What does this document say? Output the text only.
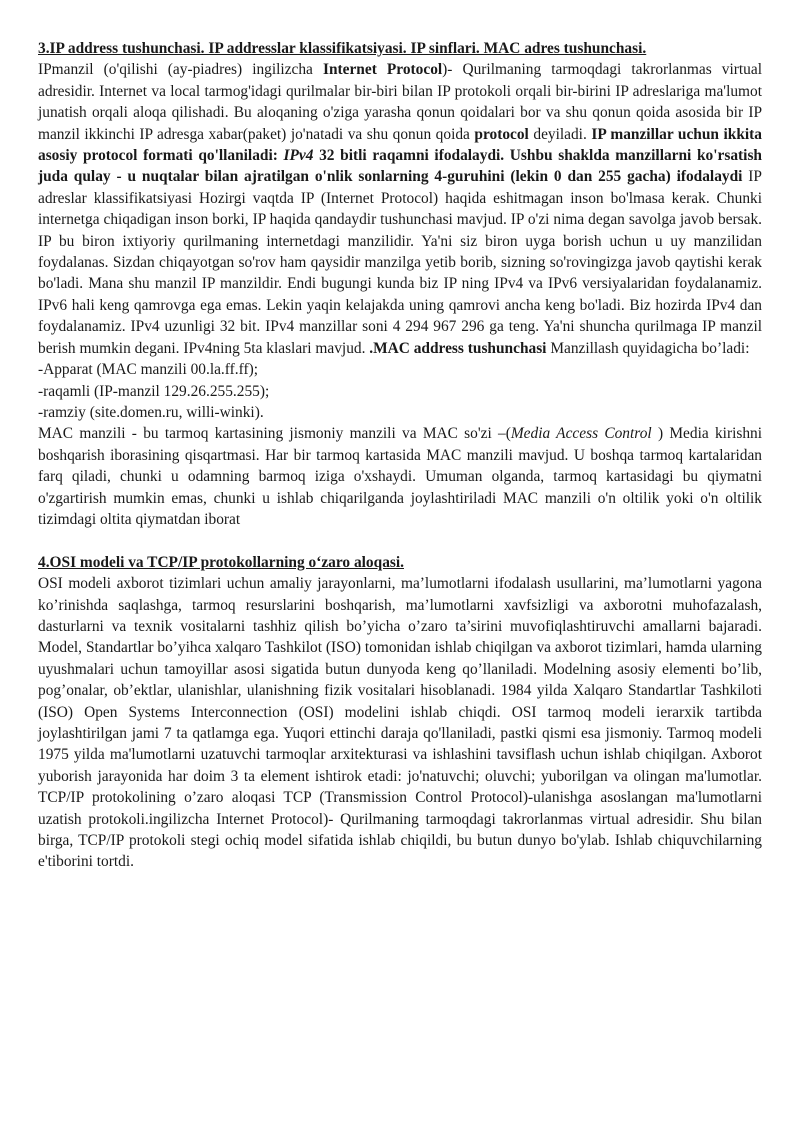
3.IP address tushunchasi. IP addresslar klassifikatsiyasi. IP sinflari. MAC adres tushunchasi.

IPmanzil (o'qilishi (ay-piadres) ingilizcha Internet Protocol)- Qurilmaning tarmoqdagi takrorlanmas virtual adresidir. Internet va local tarmog'idagi qurilmalar bir-biri bilan IP protokoli orqali bir-birini IP adreslariga ma'lumot junatish orqali aloqa qilishadi. Bu aloqaning o'ziga yarasha qonun qoidalari bor va shu qonun qoida asosida bir IP manzil ikkinchi IP adresga xabar(paket) jo'natadi va shu qonun qoida protocol deyiladi. IP manzillar uchun ikkita asosiy protocol formati qo'llaniladi: IPv4 32 bitli raqamni ifodalaydi. Ushbu shaklda manzillarni ko'rsatish juda qulay - u nuqtalar bilan ajratilgan o'nlik sonlarning 4-guruhini (lekin 0 dan 255 gacha) ifodalaydi IP adreslar klassifikatsiyasi Hozirgi vaqtda IP (Internet Protocol) haqida eshitmagan inson bo'lmasa kerak. Chunki internetga chiqadigan inson borki, IP haqida qandaydir tushunchasi mavjud. IP o'zi nima degan savolga javob bersak. IP bu biron ixtiyoriy qurilmaning internetdagi manzilidir. Ya'ni siz biron uyga borish uchun u uy manzilidan foydalanas. Sizdan chiqayotgan so'rov ham qaysidir manzilga yetib borib, sizning so'rovingizga javob qaytishi kerak bo'ladi. Mana shu manzil IP manzildir. Endi bugungi kunda biz IP ning IPv4 va IPv6 versiyalaridan foydalanamiz. IPv6 hali keng qamrovga ega emas. Lekin yaqin kelajakda uning qamrovi ancha keng bo'ladi. Biz hozirda IPv4 dan foydalanamiz. IPv4 uzunligi 32 bit. IPv4 manzillar soni 4 294 967 296 ga teng. Ya'ni shuncha qurilmaga IP manzil berish mumkin degani. IPv4ning 5ta klaslari mavjud. .MAC address tushunchasi Manzillash quyidagicha bo’ladi:

-Apparat (MAC manzili 00.la.ff.ff);

-raqamli (IP-manzil 129.26.255.255);

-ramziy (site.domen.ru, willi-winki).

MAC manzili - bu tarmoq kartasining jismoniy manzili va MAC so'zi –(Media Access Control ) Media kirishni boshqarish iborasining qisqartmasi. Har bir tarmoq kartasida MAC manzili mavjud. U boshqa tarmoq kartalaridan farq qiladi, chunki u odamning barmoq iziga o'xshaydi. Umuman olganda, tarmoq kartasidagi bu qiymatni o'zgartirish mumkin emas, chunki u ishlab chiqarilganda joylashtiriladi MAC manzili o'n oltilik yoki o'n oltilik tizimdagi oltita qiymatdan iborat

4.OSI modeli va TCP/IP protokollarning o‘zaro aloqasi.

OSI modeli axborot tizimlari uchun amaliy jarayonlarni, ma’lumotlarni ifodalash usullarini, ma’lumotlarni yagona ko’rinishda saqlashga, tarmoq resurslarini boshqarish, ma’lumotlarni xavfsizligi va axborotni muhofazalash, dasturlarni va texnik vositalarni tashhiz qilish bo’yicha o’zaro ta’sirini muvofiqlashtiruvchi amallarni bajaradi. Model, Standartlar bo’yihca xalqaro Tashkilot (ISO) tomonidan ishlab chiqilgan va axborot tizimlari, hamda ularning uyushmalari uchun tamoyillar asosi sigatida butun dunyoda keng qo’llaniladi. Modelning asosiy elementi bo’lib, pog’onalar, ob’ektlar, ulanishlar, ulanishning fizik vositalari hisoblanadi. 1984 yilda Xalqaro Standartlar Tashkiloti (ISO) Open Systems Interconnection (OSI) modelini ishlab chiqdi. OSI tarmoq modeli ierarxik tartibda joylashtirilgan jami 7 ta qatlamga ega. Yuqori ettinchi daraja qo'llaniladi, pastki qismi esa jismoniy. Tarmoq modeli 1975 yilda ma'lumotlarni uzatuvchi tarmoqlar arxitekturasi va ishlashini tavsiflash uchun ishlab chiqilgan. Axborot yuborish jarayonida har doim 3 ta element ishtirok etadi: jo'natuvchi; oluvchi; yuborilgan va olingan ma'lumotlar. TCP/IP protokolining o’zaro aloqasi TCP (Transmission Control Protocol)-ulanishga asoslangan ma'lumotlarni uzatish protokoli.ingilizcha Internet Protocol)- Qurilmaning tarmoqdagi takrorlanmas virtual adresidir. Shu bilan birga, TCP/IP protokoli stegi ochiq model sifatida ishlab chiqildi, bu butun dunyo bo'ylab. Ishlab chiquvchilarning e'tiborini tortdi.
